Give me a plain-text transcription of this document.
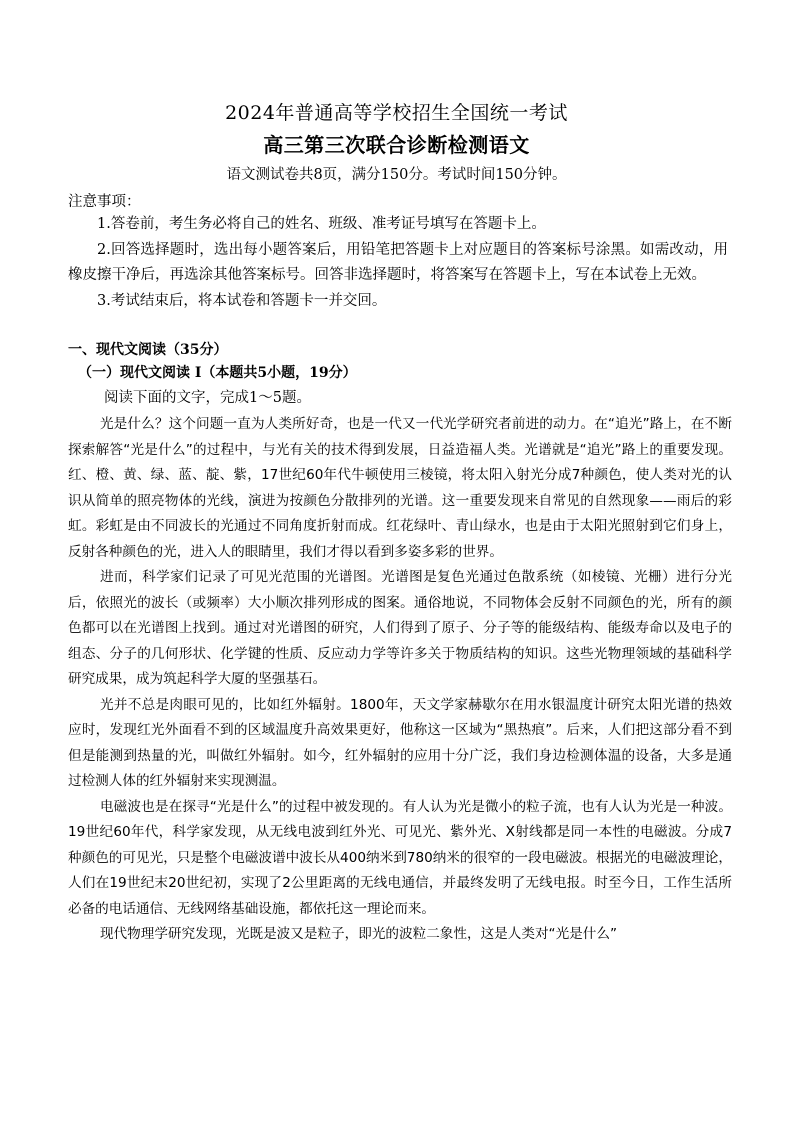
2024年普通高等学校招生全国统一考试
高三第三次联合诊断检测语文
语文测试卷共8页，满分150分。考试时间150分钟。
注意事项：

1.答卷前，考生务必将自己的姓名、班级、准考证号填写在答题卡上。

2.回答选择题时，选出每小题答案后，用铅笔把答题卡上对应题目的答案标号涂黑。如需改动，用橡皮擦干净后，再选涂其他答案标号。回答非选择题时，将答案写在答题卡上，写在本试卷上无效。

3.考试结束后，将本试卷和答题卡一并交回。

一、现代文阅读（35分）
（一）现代文阅读 I（本题共5小题，19分）
阅读下面的文字，完成1～5题。

光是什么？这个问题一直为人类所好奇，也是一代又一代光学研究者前进的动力。在“追光”路上，在不断探索解答“光是什么”的过程中，与光有关的技术得到发展，日益造福人类。光谱就是“追光”路上的重要发现。红、橙、黄、绿、蓝、靛、紫，17世纪60年代牛顿使用三棱镜，将太阳入射光分成7种颜色，使人类对光的认识从简单的照亮物体的光线，演进为按颜色分散排列的光谱。这一重要发现来自常见的自然现象——雨后的彩虹。彩虹是由不同波长的光通过不同角度折射而成。红花绿叶、青山绿水，也是由于太阳光照射到它们身上，反射各种颜色的光，进入人的眼睛里，我们才得以看到多姿多彩的世界。

进而，科学家们记录了可见光范围的光谱图。光谱图是复色光通过色散系统（如棱镜、光栅）进行分光后，依照光的波长（或频率）大小顺次排列形成的图案。通俗地说，不同物体会反射不同颜色的光，所有的颜色都可以在光谱图上找到。通过对光谱图的研究，人们得到了原子、分子等的能级结构、能级寿命以及电子的组态、分子的几何形状、化学键的性质、反应动力学等许多关于物质结构的知识。这些光物理领域的基础科学研究成果，成为筑起科学大厦的坚强基石。

光并不总是肉眼可见的，比如红外辐射。1800年，天文学家赫歇尔在用水银温度计研究太阳光谱的热效应时，发现红光外面看不到的区域温度升高效果更好，他称这一区域为“黑热痕”。后来，人们把这部分看不到但是能测到热量的光，叫做红外辐射。如今，红外辐射的应用十分广泛，我们身边检测体温的设备，大多是通过检测人体的红外辐射来实现测温。

电磁波也是在探寻“光是什么”的过程中被发现的。有人认为光是微小的粒子流，也有人认为光是一种波。19世纪60年代，科学家发现，从无线电波到红外光、可见光、紫外光、X射线都是同一本性的电磁波。分成7种颜色的可见光，只是整个电磁波谱中波长从400纳米到780纳米的很窄的一段电磁波。根据光的电磁波理论，人们在19世纪末20世纪初，实现了2公里距离的无线电通信，并最终发明了无线电报。时至今日，工作生活所必备的电话通信、无线网络基础设施，都依托这一理论而来。

现代物理学研究发现，光既是波又是粒子，即光的波粒二象性，这是人类对“光是什么”
